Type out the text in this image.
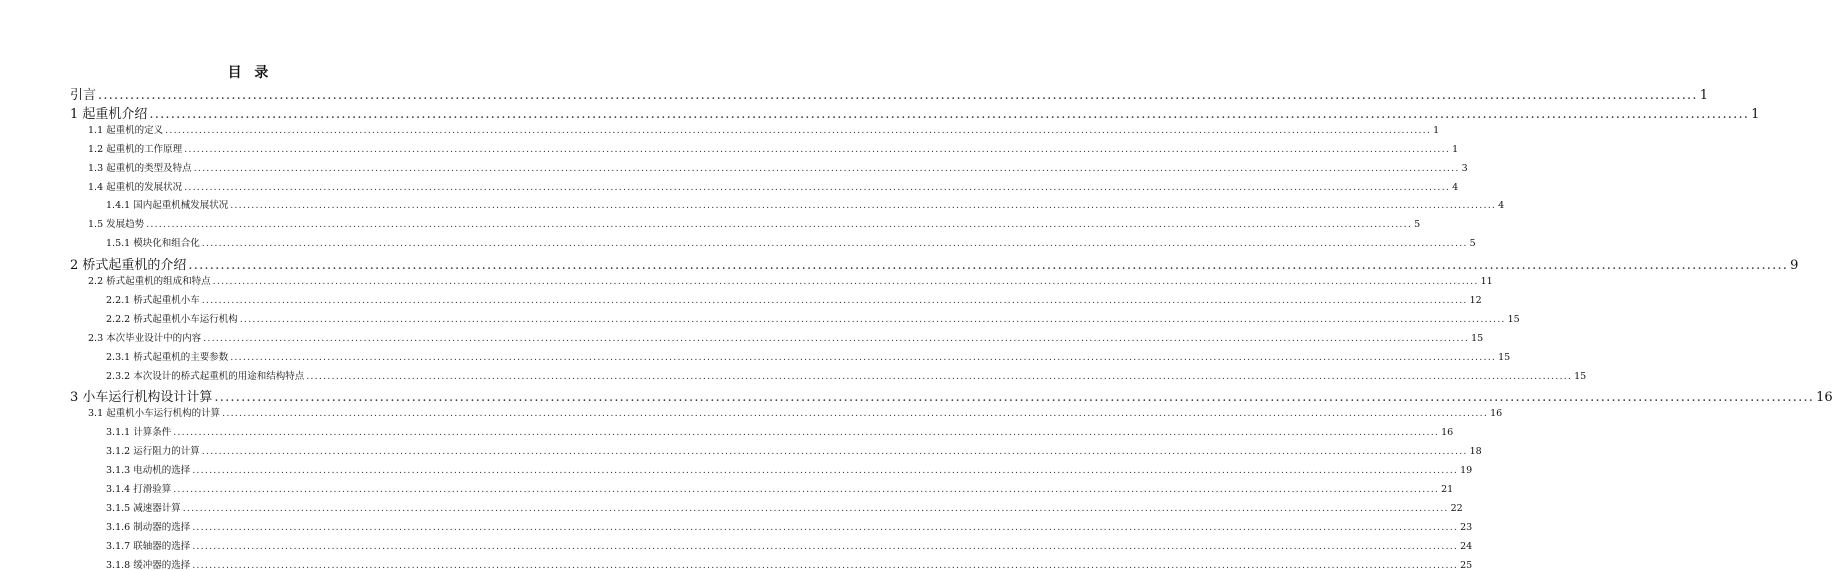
目 录
引言 ............................................................................................................................................................................................................................................................................................................ 1
1 起重机介绍 ............................................................................................................................................................................................................................................................................................................ 1
1.1 起重机的定义 ............................................................................................................................................................................................................................................................................................................ 1
1.2 起重机的工作原理 ............................................................................................................................................................................................................................................................................................................ 1
1.3 起重机的类型及特点 ............................................................................................................................................................................................................................................................................................................ 3
1.4 起重机的发展状况 ............................................................................................................................................................................................................................................................................................................ 4
1.4.1 国内起重机械发展状况 ............................................................................................................................................................................................................................................................................................................ 4
1.5 发展趋势 ............................................................................................................................................................................................................................................................................................................ 5
1.5.1 模块化和组合化 ............................................................................................................................................................................................................................................................................................................ 5
2 桥式起重机的介绍 ............................................................................................................................................................................................................................................................................................................ 9
2.2 桥式起重机的组成和特点 ............................................................................................................................................................................................................................................................................................................ 11
2.2.1 桥式起重机小车 ............................................................................................................................................................................................................................................................................................................ 12
2.2.2 桥式起重机小车运行机构 ............................................................................................................................................................................................................................................................................................................ 15
2.3 本次毕业设计中的内容 ............................................................................................................................................................................................................................................................................................................ 15
2.3.1 桥式起重机的主要参数 ............................................................................................................................................................................................................................................................................................................ 15
2.3.2 本次设计的桥式起重机的用途和结构特点 ............................................................................................................................................................................................................................................................................................................ 15
3 小车运行机构设计计算 ............................................................................................................................................................................................................................................................................................................ 16
3.1 起重机小车运行机构的计算 ............................................................................................................................................................................................................................................................................................................ 16
3.1.1 计算条件 ............................................................................................................................................................................................................................................................................................................ 16
3.1.2 运行阻力的计算 ............................................................................................................................................................................................................................................................................................................ 18
3.1.3 电动机的选择 ............................................................................................................................................................................................................................................................................................................ 19
3.1.4 打滑验算 ............................................................................................................................................................................................................................................................................................................ 21
3.1.5 减速器计算 ............................................................................................................................................................................................................................................................................................................ 22
3.1.6 制动器的选择 ............................................................................................................................................................................................................................................................................................................ 23
3.1.7 联轴器的选择 ............................................................................................................................................................................................................................................................................................................ 24
3.1.8 缓冲器的选择 ............................................................................................................................................................................................................................................................................................................ 25
